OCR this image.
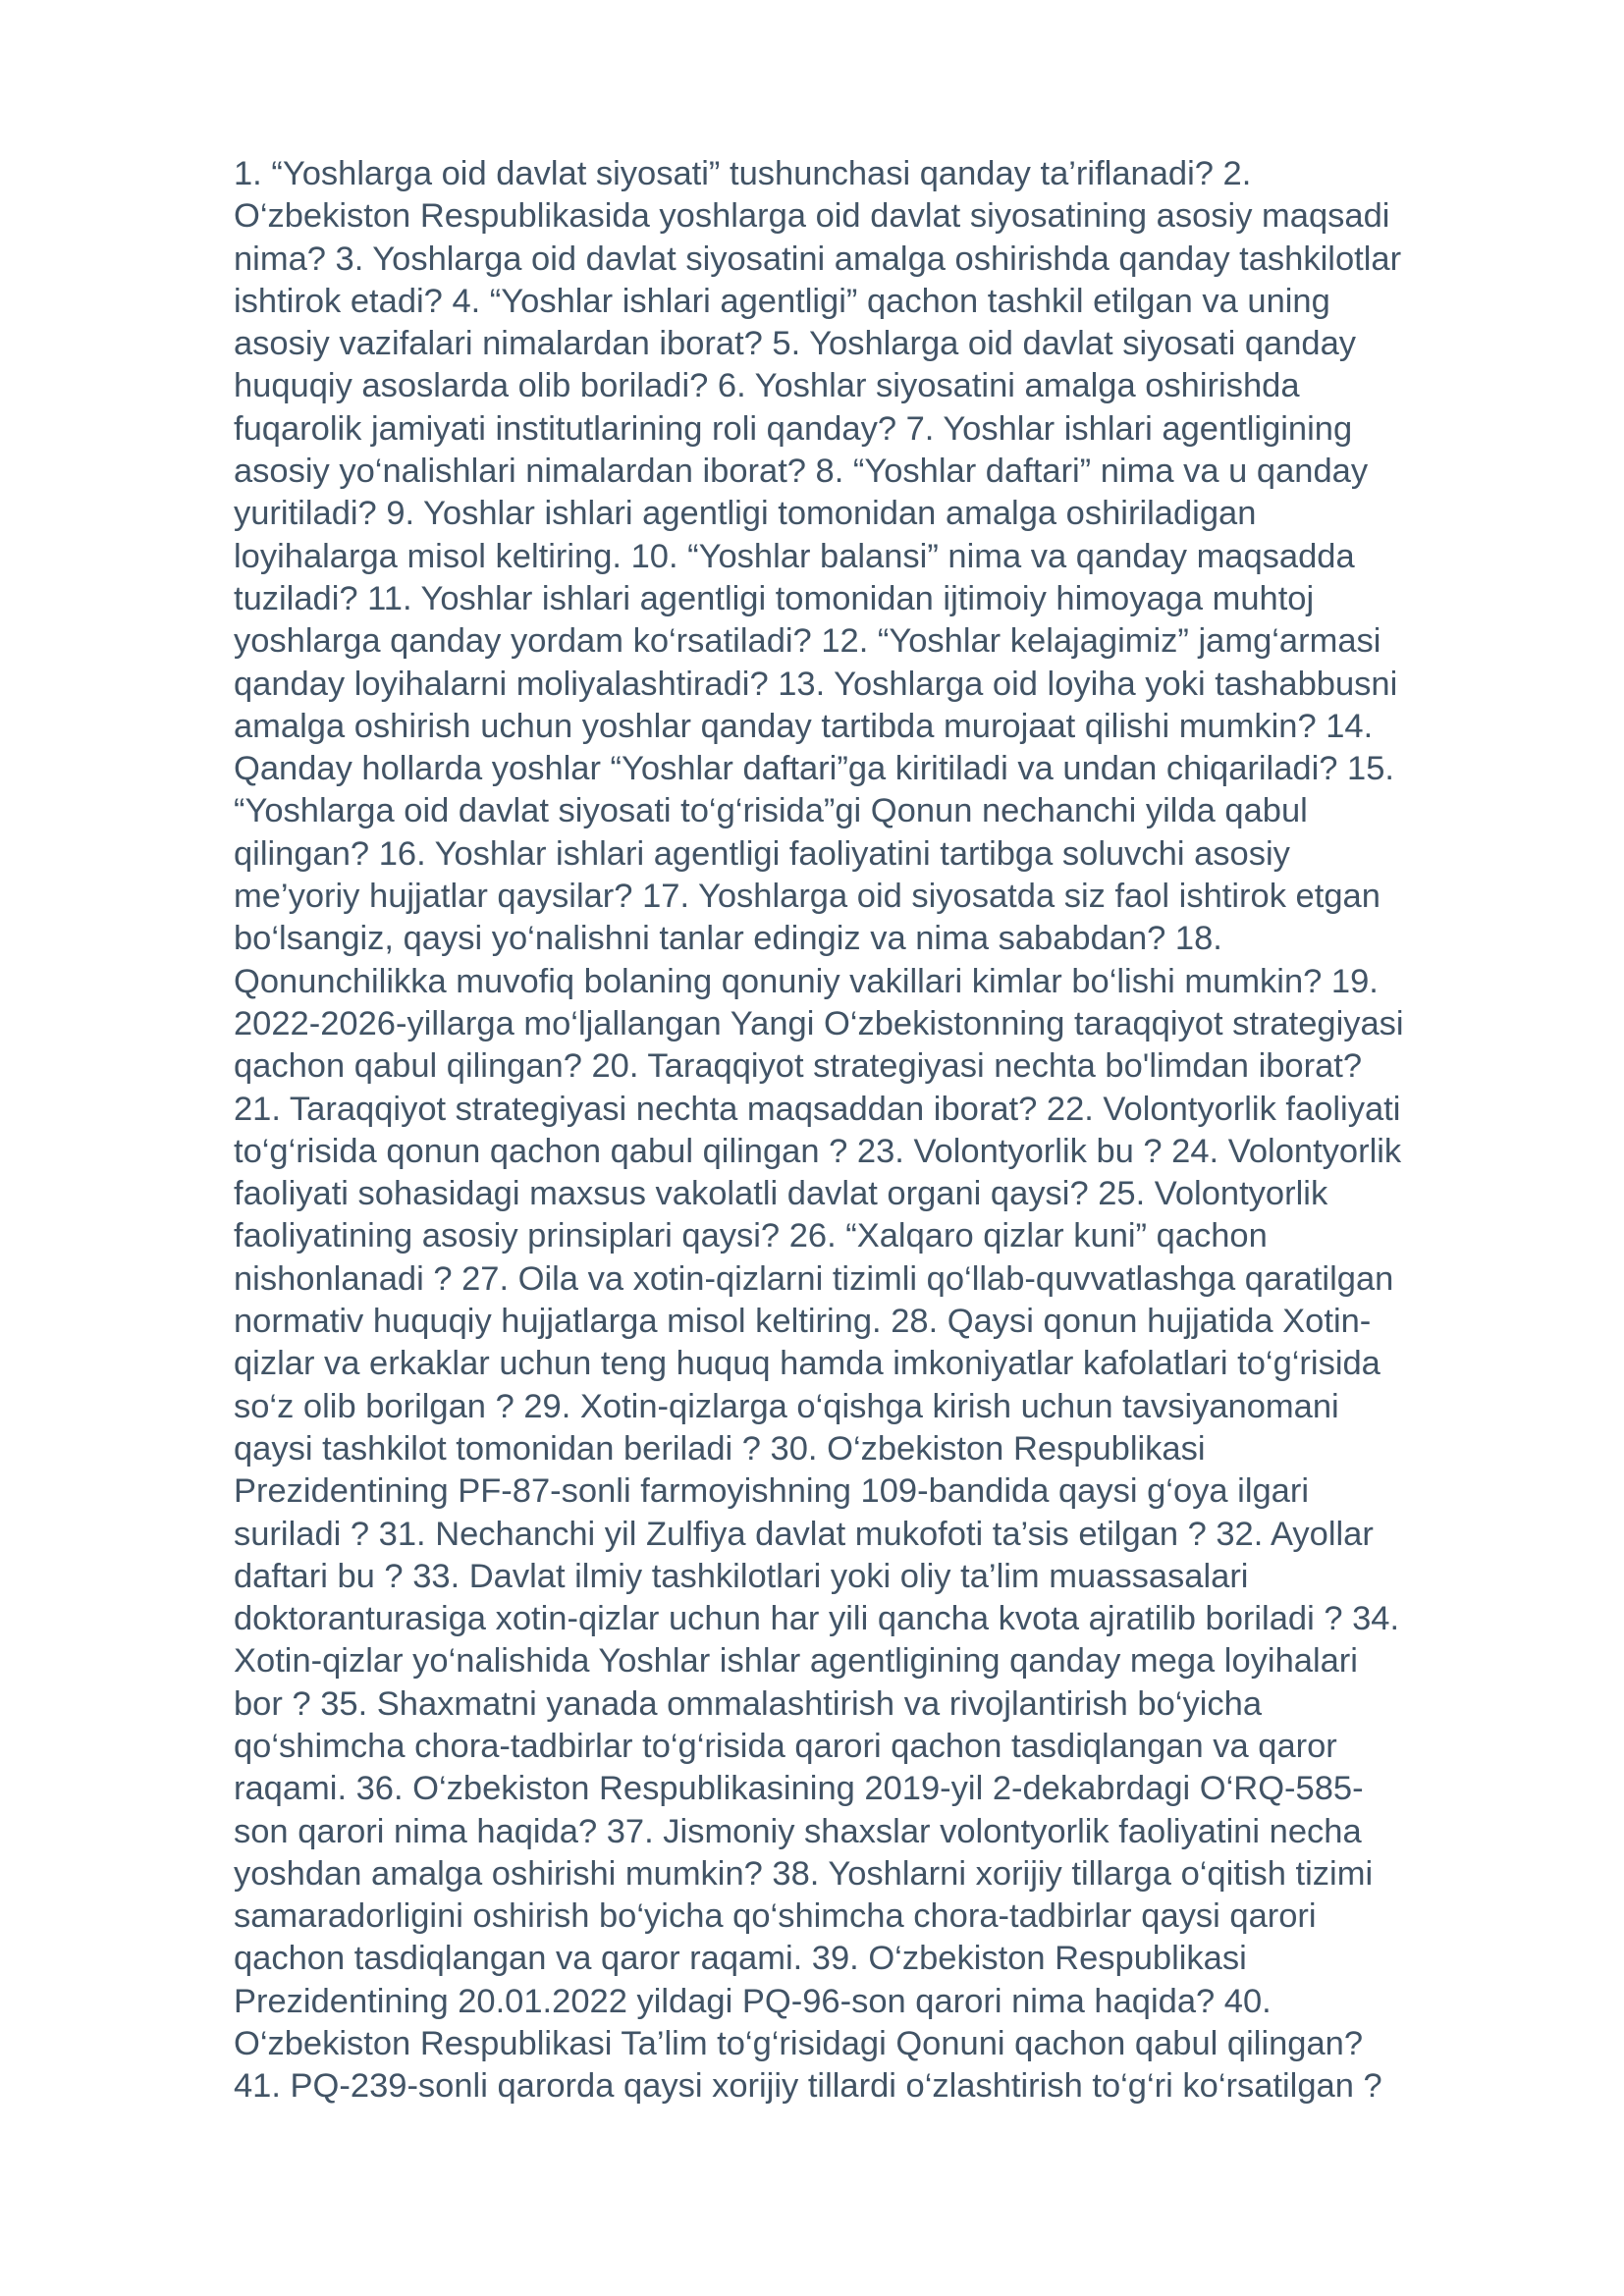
1. “Yoshlarga oid davlat siyosati” tushunchasi qanday ta’riflanadi? 2.
O‘zbekiston Respublikasida yoshlarga oid davlat siyosatining asosiy maqsadi
nima? 3. Yoshlarga oid davlat siyosatini amalga oshirishda qanday tashkilotlar
ishtirok etadi? 4. “Yoshlar ishlari agentligi” qachon tashkil etilgan va uning
asosiy vazifalari nimalardan iborat? 5. Yoshlarga oid davlat siyosati qanday
huquqiy asoslarda olib boriladi? 6. Yoshlar siyosatini amalga oshirishda
fuqarolik jamiyati institutlarining roli qanday? 7. Yoshlar ishlari agentligining
asosiy yo‘nalishlari nimalardan iborat? 8. “Yoshlar daftari” nima va u qanday
yuritiladi? 9. Yoshlar ishlari agentligi tomonidan amalga oshiriladigan
loyihalarga misol keltiring. 10. “Yoshlar balansi” nima va qanday maqsadda
tuziladi? 11. Yoshlar ishlari agentligi tomonidan ijtimoiy himoyaga muhtoj
yoshlarga qanday yordam ko‘rsatiladi? 12. “Yoshlar kelajagimiz” jamg‘armasi
qanday loyihalarni moliyalashtiradi? 13. Yoshlarga oid loyiha yoki tashabbusni
amalga oshirish uchun yoshlar qanday tartibda murojaat qilishi mumkin? 14.
Qanday hollarda yoshlar “Yoshlar daftari”ga kiritiladi va undan chiqariladi? 15.
“Yoshlarga oid davlat siyosati to‘g‘risida”gi Qonun nechanchi yilda qabul
qilingan? 16. Yoshlar ishlari agentligi faoliyatini tartibga soluvchi asosiy
me’yoriy hujjatlar qaysilar? 17. Yoshlarga oid siyosatda siz faol ishtirok etgan
bo‘lsangiz, qaysi yo‘nalishni tanlar edingiz va nima sababdan? 18.
Qonunchilikka muvofiq bolaning qonuniy vakillari kimlar bo‘lishi mumkin? 19.
2022-2026-yillarga mo‘ljallangan Yangi O‘zbekistonning taraqqiyot strategiyasi
qachon qabul qilingan? 20. Taraqqiyot strategiyasi nechta bo'limdan iborat?
21. Taraqqiyot strategiyasi nechta maqsaddan iborat? 22. Volontyorlik faoliyati
to‘g‘risida qonun qachon qabul qilingan ? 23. Volontyorlik bu ? 24. Volontyorlik
faoliyati sohasidagi maxsus vakolatli davlat organi qaysi? 25. Volontyorlik
faoliyatining asosiy prinsiplari qaysi? 26. “Xalqaro qizlar kuni” qachon
nishonlanadi ? 27. Oila va xotin-qizlarni tizimli qo‘llab-quvvatlashga qaratilgan
normativ huquqiy hujjatlarga misol keltiring. 28. Qaysi qonun hujjatida Xotin-
qizlar va erkaklar uchun teng huquq hamda imkoniyatlar kafolatlari to‘g‘risida
so‘z olib borilgan ? 29. Xotin-qizlarga o‘qishga kirish uchun tavsiyanomani
qaysi tashkilot tomonidan beriladi ? 30. O‘zbekiston Respublikasi
Prezidentining PF-87-sonli farmoyishning 109-bandida qaysi g‘oya ilgari
suriladi ? 31. Nechanchi yil Zulfiya davlat mukofoti ta’sis etilgan ? 32. Ayollar
daftari bu ? 33. Davlat ilmiy tashkilotlari yoki oliy ta’lim muassasalari
doktoranturasiga xotin-qizlar uchun har yili qancha kvota ajratilib boriladi ? 34.
Xotin-qizlar yo‘nalishida Yoshlar ishlar agentligining qanday mega loyihalari
bor ? 35. Shaxmatni yanada ommalashtirish va rivojlantirish bo‘yicha
qo‘shimcha chora-tadbirlar to‘g‘risida qarori qachon tasdiqlangan va qaror
raqami. 36. O‘zbekiston Respublikasining 2019-yil 2-dekabrdagi O‘RQ-585-
son qarori nima haqida? 37. Jismoniy shaxslar volontyorlik faoliyatini necha
yoshdan amalga oshirishi mumkin? 38. Yoshlarni xorijiy tillarga o‘qitish tizimi
samaradorligini oshirish bo‘yicha qo‘shimcha chora-tadbirlar qaysi qarori
qachon tasdiqlangan va qaror raqami. 39. O‘zbekiston Respublikasi
Prezidentining 20.01.2022 yildagi PQ-96-son qarori nima haqida? 40.
O‘zbekiston Respublikasi Ta’lim to‘g‘risidagi Qonuni qachon qabul qilingan?
41. PQ-239-sonli qarorda qaysi xorijiy tillardi o‘zlashtirish to‘g‘ri ko‘rsatilgan ?
